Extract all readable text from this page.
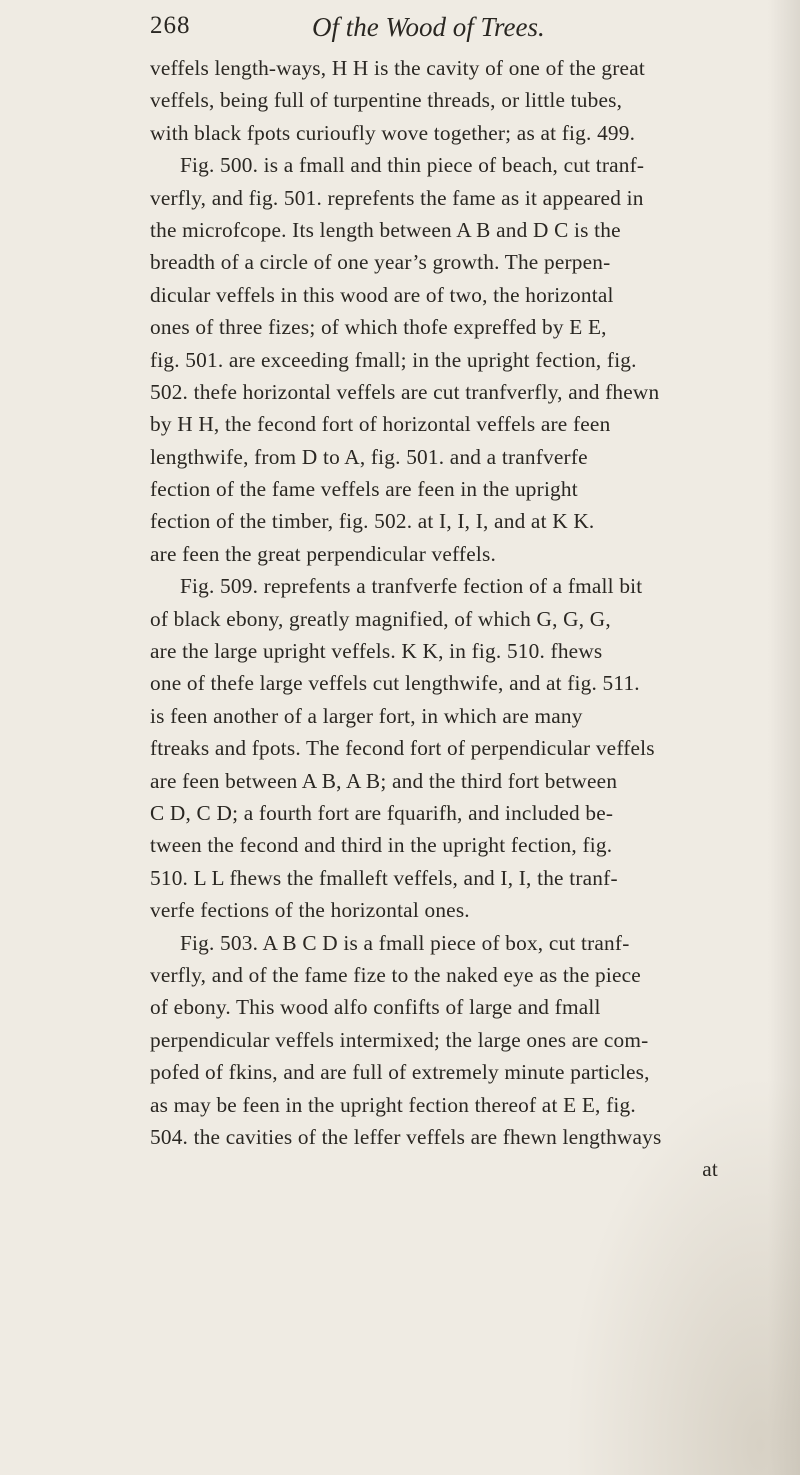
268	Of the Wood of Trees.
veffels length-ways, H H is the cavity of one of the great
veffels, being full of turpentine threads, or little tubes,
with black fpots curioufly wove together; as at fig. 499.
Fig. 500. is a fmall and thin piece of beach, cut tranf-
verfly, and fig. 501. reprefents the fame as it appeared in
the microfcope. Its length between A B and D C is the
breadth of a circle of one year’s growth. The perpen-
dicular veffels in this wood are of two, the horizontal
ones of three fizes; of which thofe expreffed by E E,
fig. 501. are exceeding fmall; in the upright fection, fig.
502. thefe horizontal veffels are cut tranfverfly, and fhewn
by H H, the fecond fort of horizontal veffels are feen
lengthwife, from D to A, fig. 501. and a tranfverfe
fection of the fame veffels are feen in the upright
fection of the timber, fig. 502. at I, I, I, and at K K.
are feen the great perpendicular veffels.
Fig. 509. reprefents a tranfverfe fection of a fmall bit
of black ebony, greatly magnified, of which G, G, G,
are the large upright veffels. K K, in fig. 510. fhews
one of thefe large veffels cut lengthwife, and at fig. 511.
is feen another of a larger fort, in which are many
ftreaks and fpots. The fecond fort of perpendicular veffels
are feen between A B, A B; and the third fort between
C D, C D; a fourth fort are fquarifh, and included be-
tween the fecond and third in the upright fection, fig.
510. L L fhews the fmalleft veffels, and I, I, the tranf-
verfe fections of the horizontal ones.
Fig. 503. A B C D is a fmall piece of box, cut tranf-
verfly, and of the fame fize to the naked eye as the piece
of ebony. This wood alfo confifts of large and fmall
perpendicular veffels intermixed; the large ones are com-
pofed of fkins, and are full of extremely minute particles,
as may be feen in the upright fection thereof at E E, fig.
504. the cavities of the leffer veffels are fhewn lengthways
at
